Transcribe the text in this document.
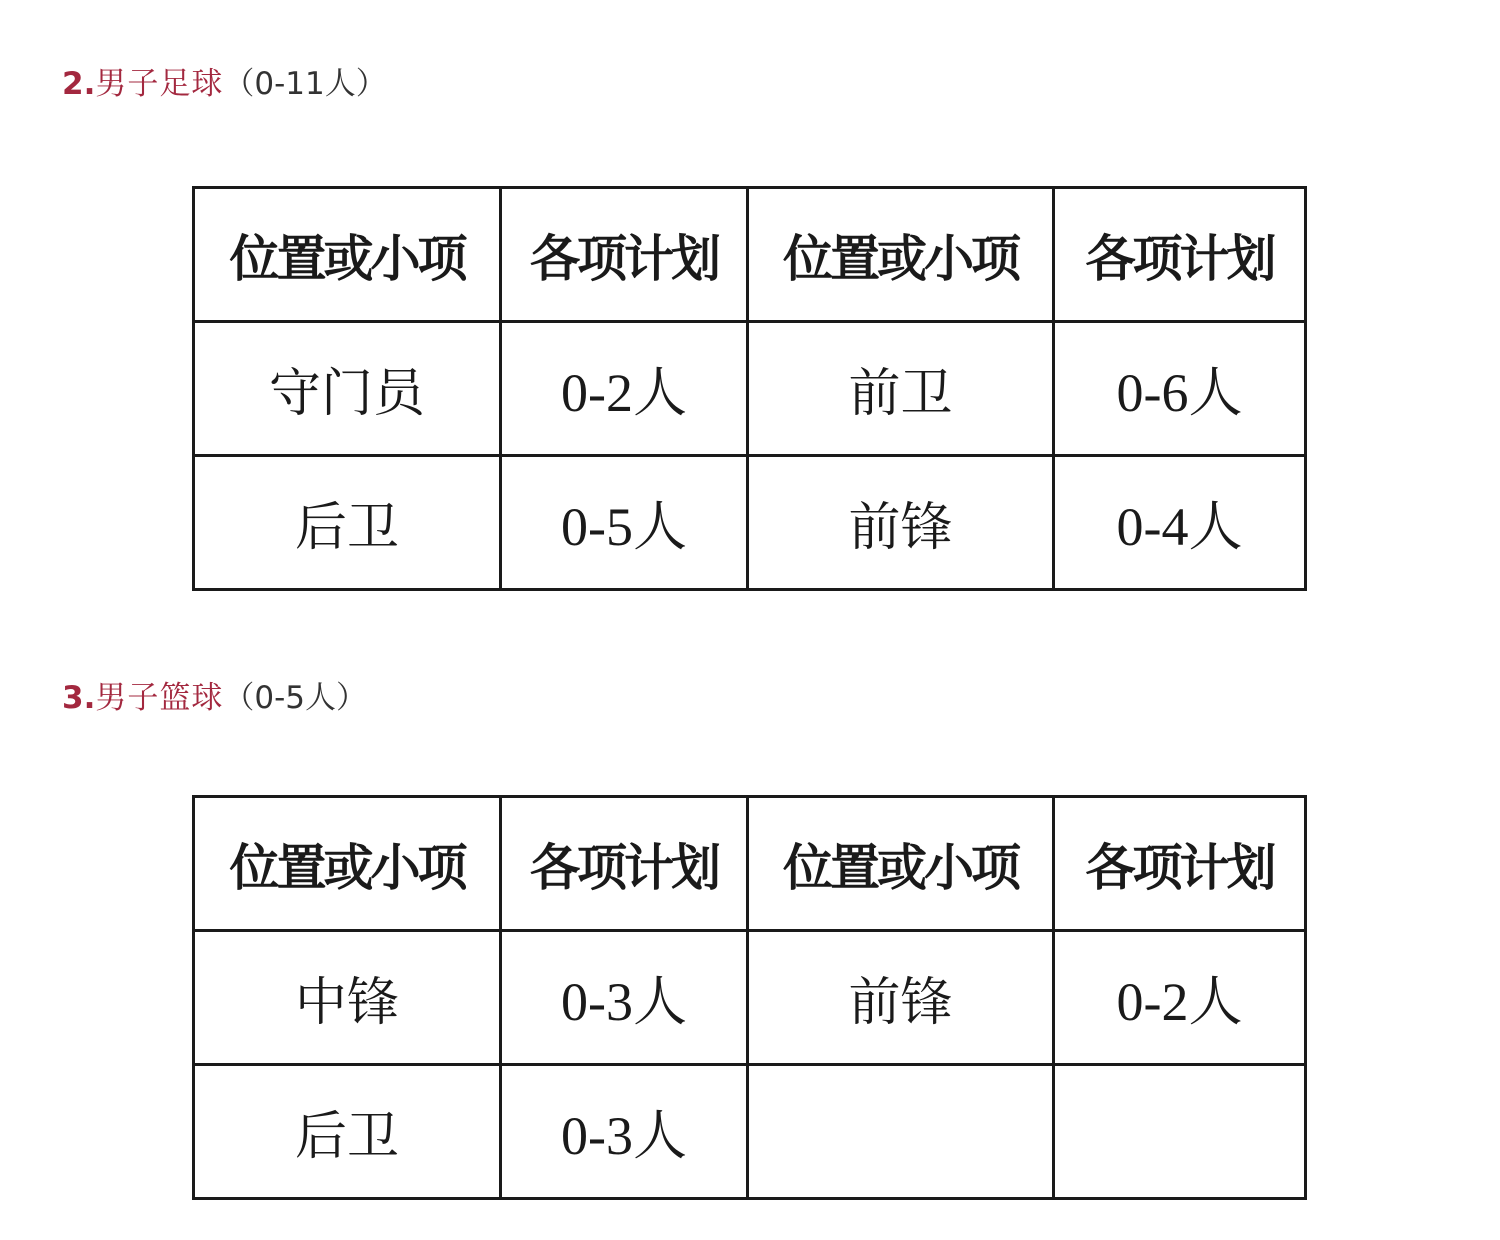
2.男子足球（0-11人）
位置或小项	各项计划	位置或小项	各项计划
守门员	0-2人	前卫	0-6人
后卫	0-5人	前锋	0-4人
3.男子篮球（0-5人）
位置或小项	各项计划	位置或小项	各项计划
中锋	0-3人	前锋	0-2人
后卫	0-3人		
